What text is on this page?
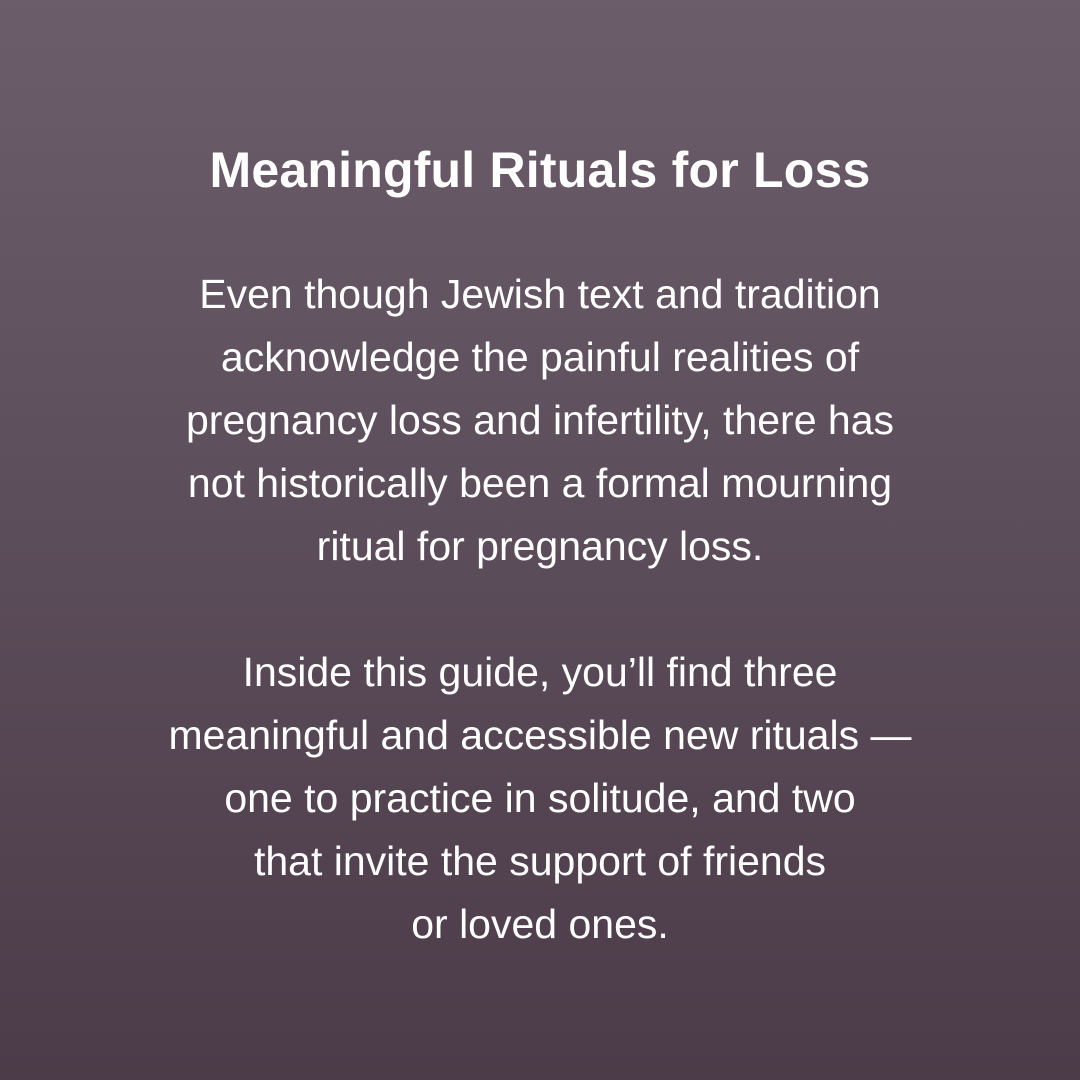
Meaningful Rituals for Loss

Even though Jewish text and tradition
acknowledge the painful realities of
pregnancy loss and infertility, there has
not historically been a formal mourning
ritual for pregnancy loss.

Inside this guide, you’ll find three
meaningful and accessible new rituals —
one to practice in solitude, and two
that invite the support of friends
or loved ones.
